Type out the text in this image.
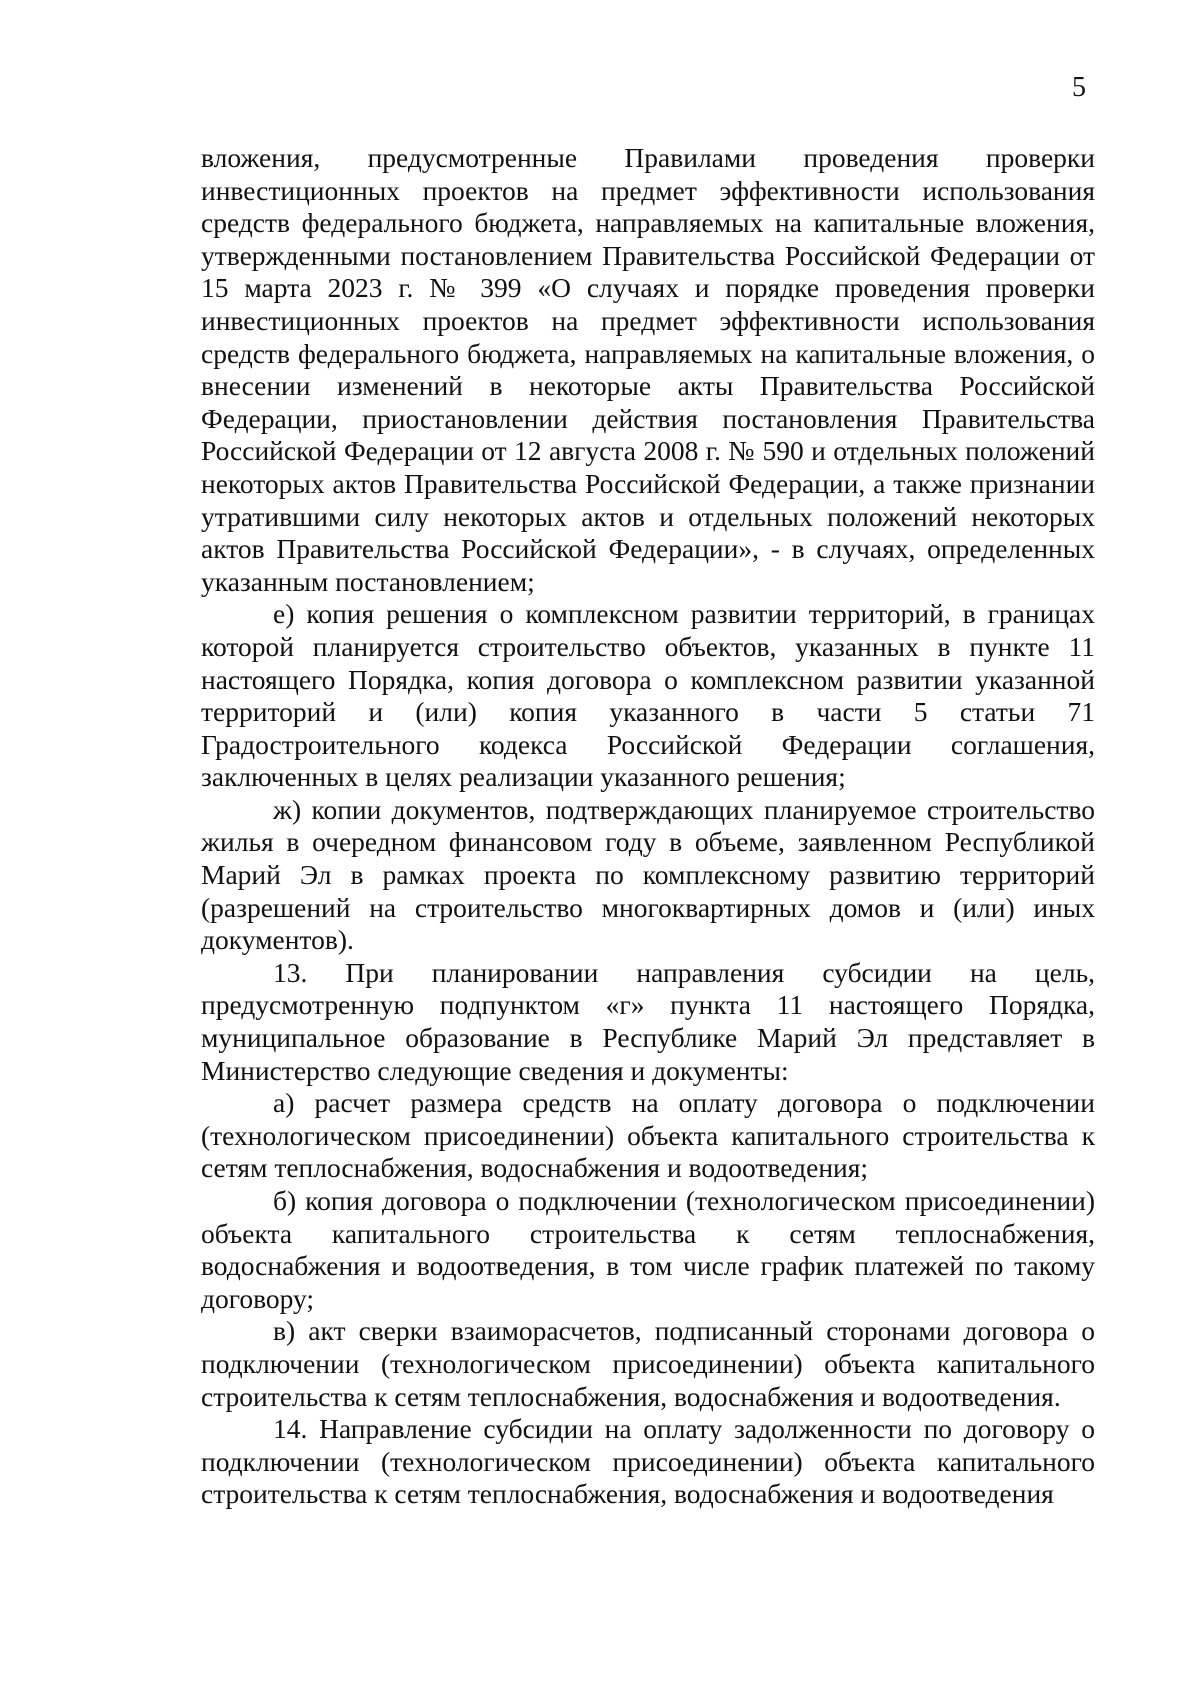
5

вложения, предусмотренные Правилами проведения проверки инвестиционных проектов на предмет эффективности использования средств федерального бюджета, направляемых на капитальные вложения, утвержденными постановлением Правительства Российской Федерации от 15 марта 2023 г. № 399 «О случаях и порядке проведения проверки инвестиционных проектов на предмет эффективности использования средств федерального бюджета, направляемых на капитальные вложения, о внесении изменений в некоторые акты Правительства Российской Федерации, приостановлении действия постановления Правительства Российской Федерации от 12 августа 2008 г. № 590 и отдельных положений некоторых актов Правительства Российской Федерации, а также признании утратившими силу некоторых актов и отдельных положений некоторых актов Правительства Российской Федерации», - в случаях, определенных указанным постановлением;

е) копия решения о комплексном развитии территорий, в границах которой планируется строительство объектов, указанных в пункте 11 настоящего Порядка, копия договора о комплексном развитии указанной территорий и (или) копия указанного в части 5 статьи 71 Градостроительного кодекса Российской Федерации соглашения, заключенных в целях реализации указанного решения;

ж) копии документов, подтверждающих планируемое строительство жилья в очередном финансовом году в объеме, заявленном Республикой Марий Эл в рамках проекта по комплексному развитию территорий (разрешений на строительство многоквартирных домов и (или) иных документов).

13. При планировании направления субсидии на цель, предусмотренную подпунктом «г» пункта 11 настоящего Порядка, муниципальное образование в Республике Марий Эл представляет в Министерство следующие сведения и документы:

а) расчет размера средств на оплату договора о подключении (технологическом присоединении) объекта капитального строительства к сетям теплоснабжения, водоснабжения и водоотведения;

б) копия договора о подключении (технологическом присоединении) объекта капитального строительства к сетям теплоснабжения, водоснабжения и водоотведения, в том числе график платежей по такому договору;

в) акт сверки взаиморасчетов, подписанный сторонами договора о подключении (технологическом присоединении) объекта капитального строительства к сетям теплоснабжения, водоснабжения и водоотведения.

14. Направление субсидии на оплату задолженности по договору о подключении (технологическом присоединении) объекта капитального строительства к сетям теплоснабжения, водоснабжения и водоотведения
